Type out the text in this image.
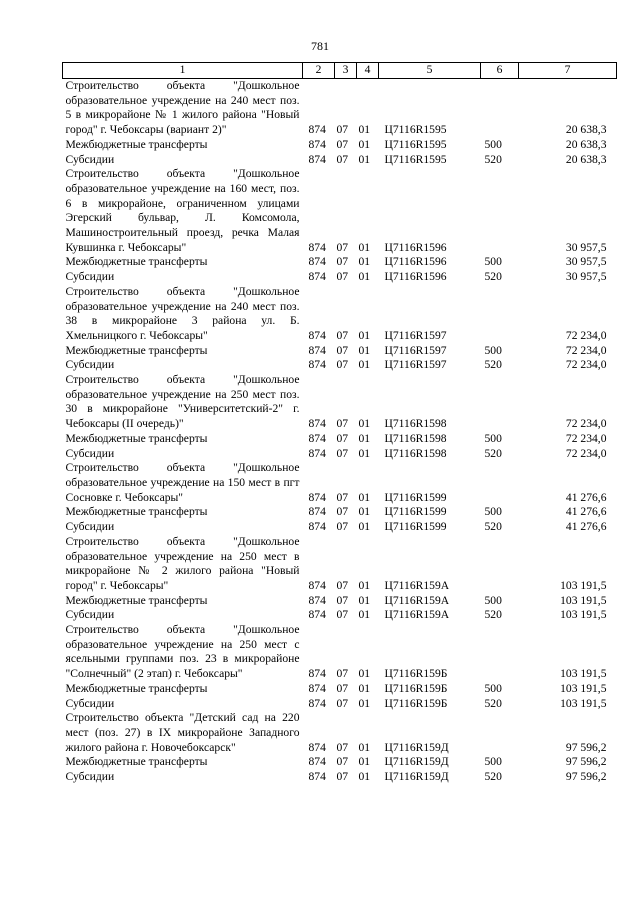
781
1	2	3	4	5	6	7
Строительство объекта "Дошкольное образовательное учреждение на 240 мест поз. 5 в микрорайоне № 1 жилого района "Новый город" г. Чебоксары (вариант 2)"	874	07	01	Ц7116R1595		20 638,3
Межбюджетные трансферты	874	07	01	Ц7116R1595	500	20 638,3
Субсидии	874	07	01	Ц7116R1595	520	20 638,3
Строительство объекта "Дошкольное образовательное учреждение на 160 мест, поз. 6 в микрорайоне, ограниченном улицами Эгерский бульвар, Л. Комсомола, Машиностроительный проезд, речка Малая Кувшинка г. Чебоксары"	874	07	01	Ц7116R1596		30 957,5
Межбюджетные трансферты	874	07	01	Ц7116R1596	500	30 957,5
Субсидии	874	07	01	Ц7116R1596	520	30 957,5
Строительство объекта "Дошкольное образовательное учреждение на 240 мест поз. 38 в микрорайоне 3 района ул. Б. Хмельницкого г. Чебоксары"	874	07	01	Ц7116R1597		72 234,0
Межбюджетные трансферты	874	07	01	Ц7116R1597	500	72 234,0
Субсидии	874	07	01	Ц7116R1597	520	72 234,0
Строительство объекта "Дошкольное образовательное учреждение на 250 мест поз. 30 в микрорайоне "Университетский-2" г. Чебоксары (II очередь)"	874	07	01	Ц7116R1598		72 234,0
Межбюджетные трансферты	874	07	01	Ц7116R1598	500	72 234,0
Субсидии	874	07	01	Ц7116R1598	520	72 234,0
Строительство объекта "Дошкольное образовательное учреждение на 150 мест в пгт Сосновке г. Чебоксары"	874	07	01	Ц7116R1599		41 276,6
Межбюджетные трансферты	874	07	01	Ц7116R1599	500	41 276,6
Субсидии	874	07	01	Ц7116R1599	520	41 276,6
Строительство объекта "Дошкольное образовательное учреждение на 250 мест в микрорайоне № 2 жилого района "Новый город" г. Чебоксары"	874	07	01	Ц7116R159А		103 191,5
Межбюджетные трансферты	874	07	01	Ц7116R159А	500	103 191,5
Субсидии	874	07	01	Ц7116R159А	520	103 191,5
Строительство объекта "Дошкольное образовательное учреждение на 250 мест с ясельными группами поз. 23 в микрорайоне "Солнечный" (2 этап) г. Чебоксары"	874	07	01	Ц7116R159Б		103 191,5
Межбюджетные трансферты	874	07	01	Ц7116R159Б	500	103 191,5
Субсидии	874	07	01	Ц7116R159Б	520	103 191,5
Строительство объекта "Детский сад на 220 мест (поз. 27) в IX микрорайоне Западного жилого района г. Новочебоксарск"	874	07	01	Ц7116R159Д		97 596,2
Межбюджетные трансферты	874	07	01	Ц7116R159Д	500	97 596,2
Субсидии	874	07	01	Ц7116R159Д	520	97 596,2
